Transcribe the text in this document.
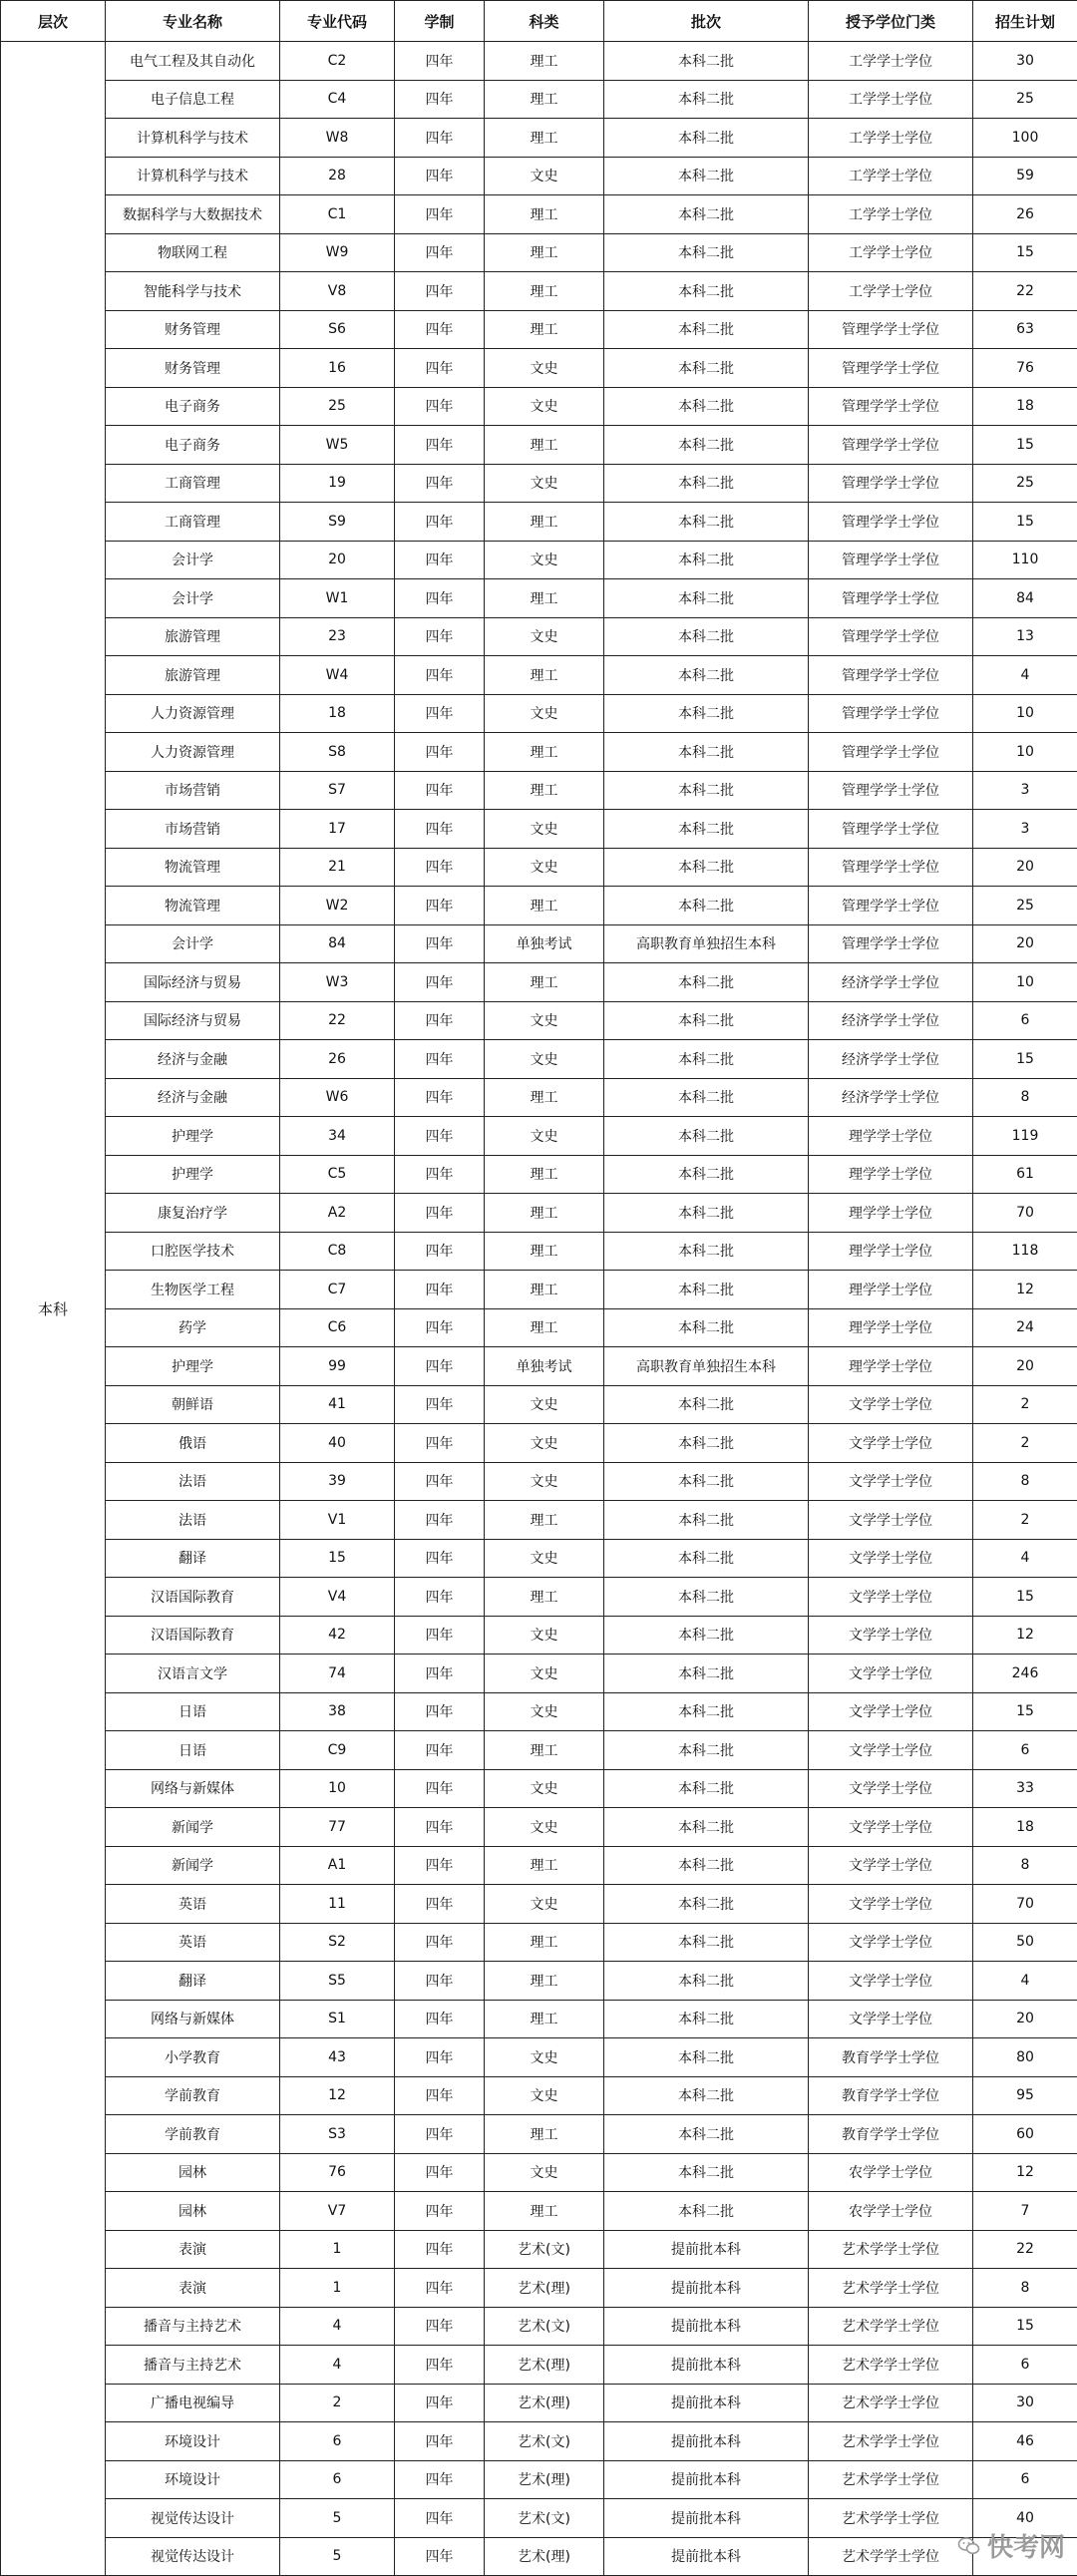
层次	专业名称	专业代码	学制	科类	批次	授予学位门类	招生计划
本科	电气工程及其自动化	C2	四年	理工	本科二批	工学学士学位	30
	电子信息工程	C4	四年	理工	本科二批	工学学士学位	25
	计算机科学与技术	W8	四年	理工	本科二批	工学学士学位	100
	计算机科学与技术	28	四年	文史	本科二批	工学学士学位	59
	数据科学与大数据技术	C1	四年	理工	本科二批	工学学士学位	26
	物联网工程	W9	四年	理工	本科二批	工学学士学位	15
	智能科学与技术	V8	四年	理工	本科二批	工学学士学位	22
	财务管理	S6	四年	理工	本科二批	管理学学士学位	63
	财务管理	16	四年	文史	本科二批	管理学学士学位	76
	电子商务	25	四年	文史	本科二批	管理学学士学位	18
	电子商务	W5	四年	理工	本科二批	管理学学士学位	15
	工商管理	19	四年	文史	本科二批	管理学学士学位	25
	工商管理	S9	四年	理工	本科二批	管理学学士学位	15
	会计学	20	四年	文史	本科二批	管理学学士学位	110
	会计学	W1	四年	理工	本科二批	管理学学士学位	84
	旅游管理	23	四年	文史	本科二批	管理学学士学位	13
	旅游管理	W4	四年	理工	本科二批	管理学学士学位	4
	人力资源管理	18	四年	文史	本科二批	管理学学士学位	10
	人力资源管理	S8	四年	理工	本科二批	管理学学士学位	10
	市场营销	S7	四年	理工	本科二批	管理学学士学位	3
	市场营销	17	四年	文史	本科二批	管理学学士学位	3
	物流管理	21	四年	文史	本科二批	管理学学士学位	20
	物流管理	W2	四年	理工	本科二批	管理学学士学位	25
	会计学	84	四年	单独考试	高职教育单独招生本科	管理学学士学位	20
	国际经济与贸易	W3	四年	理工	本科二批	经济学学士学位	10
	国际经济与贸易	22	四年	文史	本科二批	经济学学士学位	6
	经济与金融	26	四年	文史	本科二批	经济学学士学位	15
	经济与金融	W6	四年	理工	本科二批	经济学学士学位	8
	护理学	34	四年	文史	本科二批	理学学士学位	119
	护理学	C5	四年	理工	本科二批	理学学士学位	61
	康复治疗学	A2	四年	理工	本科二批	理学学士学位	70
	口腔医学技术	C8	四年	理工	本科二批	理学学士学位	118
	生物医学工程	C7	四年	理工	本科二批	理学学士学位	12
	药学	C6	四年	理工	本科二批	理学学士学位	24
	护理学	99	四年	单独考试	高职教育单独招生本科	理学学士学位	20
	朝鲜语	41	四年	文史	本科二批	文学学士学位	2
	俄语	40	四年	文史	本科二批	文学学士学位	2
	法语	39	四年	文史	本科二批	文学学士学位	8
	法语	V1	四年	理工	本科二批	文学学士学位	2
	翻译	15	四年	文史	本科二批	文学学士学位	4
	汉语国际教育	V4	四年	理工	本科二批	文学学士学位	15
	汉语国际教育	42	四年	文史	本科二批	文学学士学位	12
	汉语言文学	74	四年	文史	本科二批	文学学士学位	246
	日语	38	四年	文史	本科二批	文学学士学位	15
	日语	C9	四年	理工	本科二批	文学学士学位	6
	网络与新媒体	10	四年	文史	本科二批	文学学士学位	33
	新闻学	77	四年	文史	本科二批	文学学士学位	18
	新闻学	A1	四年	理工	本科二批	文学学士学位	8
	英语	11	四年	文史	本科二批	文学学士学位	70
	英语	S2	四年	理工	本科二批	文学学士学位	50
	翻译	S5	四年	理工	本科二批	文学学士学位	4
	网络与新媒体	S1	四年	理工	本科二批	文学学士学位	20
	小学教育	43	四年	文史	本科二批	教育学学士学位	80
	学前教育	12	四年	文史	本科二批	教育学学士学位	95
	学前教育	S3	四年	理工	本科二批	教育学学士学位	60
	园林	76	四年	文史	本科二批	农学学士学位	12
	园林	V7	四年	理工	本科二批	农学学士学位	7
	表演	1	四年	艺术(文)	提前批本科	艺术学学士学位	22
	表演	1	四年	艺术(理)	提前批本科	艺术学学士学位	8
	播音与主持艺术	4	四年	艺术(文)	提前批本科	艺术学学士学位	15
	播音与主持艺术	4	四年	艺术(理)	提前批本科	艺术学学士学位	6
	广播电视编导	2	四年	艺术(理)	提前批本科	艺术学学士学位	30
	环境设计	6	四年	艺术(文)	提前批本科	艺术学学士学位	46
	环境设计	6	四年	艺术(理)	提前批本科	艺术学学士学位	6
	视觉传达设计	5	四年	艺术(文)	提前批本科	艺术学学士学位	40
	视觉传达设计	5	四年	艺术(理)	提前批本科	艺术学学士学位	快考网
